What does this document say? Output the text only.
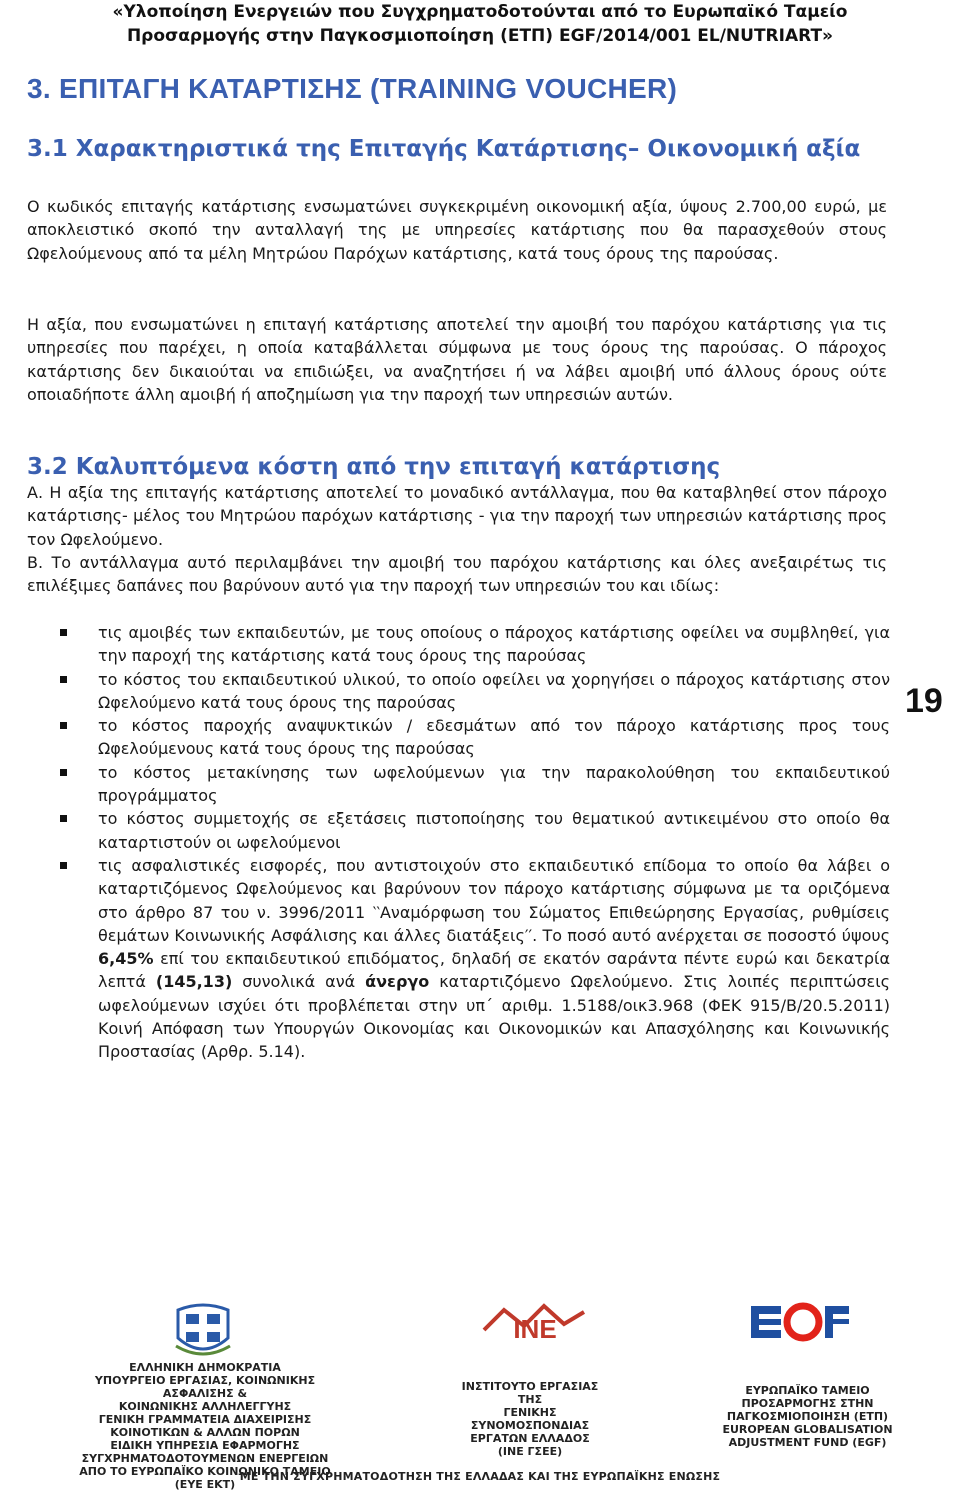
«Υλοποίηση Ενεργειών που Συγχρηματοδοτούνται από το Ευρωπαϊκό Ταμείο
Προσαρμογής στην Παγκοσμιοποίηση (ΕΤΠ) EGF/2014/001 EL/NUTRIART»
3. ΕΠΙΤΑΓΗ ΚΑΤΑΡΤΙΣΗΣ (TRAINING VOUCHER)
3.1 Χαρακτηριστικά της Επιταγής Κατάρτισης– Οικονομική αξία

Ο κωδικός επιταγής κατάρτισης ενσωματώνει συγκεκριμένη οικονομική αξία, ύψους 2.700,00 ευρώ, με αποκλειστικό σκοπό την ανταλλαγή της με υπηρεσίες κατάρτισης που θα παρασχεθούν στους Ωφελούμενους από τα μέλη Μητρώου Παρόχων κατάρτισης, κατά τους όρους της παρούσας.

Η αξία, που ενσωματώνει η επιταγή κατάρτισης αποτελεί την αμοιβή του παρόχου κατάρτισης για τις υπηρεσίες που παρέχει, η οποία καταβάλλεται σύμφωνα με τους όρους της παρούσας. Ο πάροχος κατάρτισης δεν δικαιούται να επιδιώξει, να αναζητήσει ή να λάβει αμοιβή υπό άλλους όρους ούτε οποιαδήποτε άλλη αμοιβή ή αποζημίωση για την παροχή των υπηρεσιών αυτών.

3.2 Καλυπτόμενα κόστη από την επιταγή κατάρτισης

Α. Η αξία της επιταγής κατάρτισης αποτελεί το μοναδικό αντάλλαγμα, που θα καταβληθεί στον πάροχο κατάρτισης- μέλος του Μητρώου παρόχων κατάρτισης - για την παροχή των υπηρεσιών κατάρτισης προς τον Ωφελούμενο.

Β. Το αντάλλαγμα αυτό περιλαμβάνει την αμοιβή του παρόχου κατάρτισης και όλες ανεξαιρέτως τις επιλέξιμες δαπάνες που βαρύνουν αυτό για την παροχή των υπηρεσιών του και ιδίως:

τις αμοιβές των εκπαιδευτών, με τους οποίους ο πάροχος κατάρτισης οφείλει να συμβληθεί, για την παροχή της κατάρτισης κατά τους όρους της παρούσας
το κόστος του εκπαιδευτικού υλικού, το οποίο οφείλει να χορηγήσει ο πάροχος κατάρτισης στον Ωφελούμενο κατά τους όρους της παρούσας
το κόστος παροχής αναψυκτικών / εδεσμάτων από τον πάροχο κατάρτισης προς τους Ωφελούμενους κατά τους όρους της παρούσας
το κόστος μετακίνησης των ωφελούμενων για την παρακολούθηση του εκπαιδευτικού προγράμματος
το κόστος συμμετοχής σε εξετάσεις πιστοποίησης του θεματικού αντικειμένου στο οποίο θα καταρτιστούν οι ωφελούμενοι
τις ασφαλιστικές εισφορές, που αντιστοιχούν στο εκπαιδευτικό επίδομα το οποίο θα λάβει ο καταρτιζόμενος Ωφελούμενος και βαρύνουν τον πάροχο κατάρτισης σύμφωνα με τα οριζόμενα στο άρθρο 87 του ν. 3996/2011 ‵‵Αναμόρφωση του Σώματος Επιθεώρησης Εργασίας, ρυθμίσεις θεμάτων Κοινωνικής Ασφάλισης και άλλες διατάξεις′′. Το ποσό αυτό ανέρχεται σε ποσοστό ύψους 6,45% επί του εκπαιδευτικού επιδόματος, δηλαδή σε εκατόν σαράντα πέντε ευρώ και δεκατρία λεπτά (145,13) συνολικά ανά άνεργο καταρτιζόμενο Ωφελούμενο. Στις λοιπές περιπτώσεις ωφελούμενων ισχύει ότι προβλέπεται στην υπ΄ αριθμ. 1.5188/οικ3.968 (ΦΕΚ 915/Β/20.5.2011) Κοινή Απόφαση των Υπουργών Οικονομίας και Οικονομικών και Απασχόλησης και Κοινωνικής Προστασίας (Αρθρ. 5.14).
19
ΕΛΛΗΝΙΚΗ ΔΗΜΟΚΡΑΤΙΑ
ΥΠΟΥΡΓΕΙΟ ΕΡΓΑΣΙΑΣ, ΚΟΙΝΩΝΙΚΗΣ ΑΣΦΑΛΙΣΗΣ &
ΚΟΙΝΩΝΙΚΗΣ ΑΛΛΗΛΕΓΓΥΗΣ
ΓΕΝΙΚΗ ΓΡΑΜΜΑΤΕΙΑ ΔΙΑΧΕΙΡΙΣΗΣ
ΚΟΙΝΟΤΙΚΩΝ & ΑΛΛΩΝ ΠΟΡΩΝ
ΕΙΔΙΚΗ ΥΠΗΡΕΣΙΑ ΕΦΑΡΜΟΓΗΣ
ΣΥΓΧΡΗΜΑΤΟΔΟΤΟΥΜΕΝΩΝ ΕΝΕΡΓΕΙΩΝ
ΑΠΟ ΤΟ ΕΥΡΩΠΑΪΚΟ ΚΟΙΝΩΝΙΚΟ ΤΑΜΕΙΟ
(ΕΥΕ ΕΚΤ)
INE
ΙΝΣΤΙΤΟΥΤΟ ΕΡΓΑΣΙΑΣ
ΤΗΣ
ΓΕΝΙΚΗΣ
ΣΥΝΟΜΟΣΠΟΝΔΙΑΣ
ΕΡΓΑΤΩΝ ΕΛΛΑΔΟΣ
(ΙΝΕ ΓΣΕΕ)
ΕΥΡΩΠΑΪΚΟ ΤΑΜΕΙΟ
ΠΡΟΣΑΡΜΟΓΗΣ ΣΤΗΝ
ΠΑΓΚΟΣΜΙΟΠΟΙΗΣΗ (ΕΤΠ)
EUROPEAN GLOBALISATION
ADJUSTMENT FUND (EGF)
ΜΕ ΤΗΝ ΣΥΓΧΡΗΜΑΤΟΔΟΤΗΣΗ ΤΗΣ ΕΛΛΑΔΑΣ ΚΑΙ ΤΗΣ ΕΥΡΩΠΑΪΚΗΣ ΕΝΩΣΗΣ
